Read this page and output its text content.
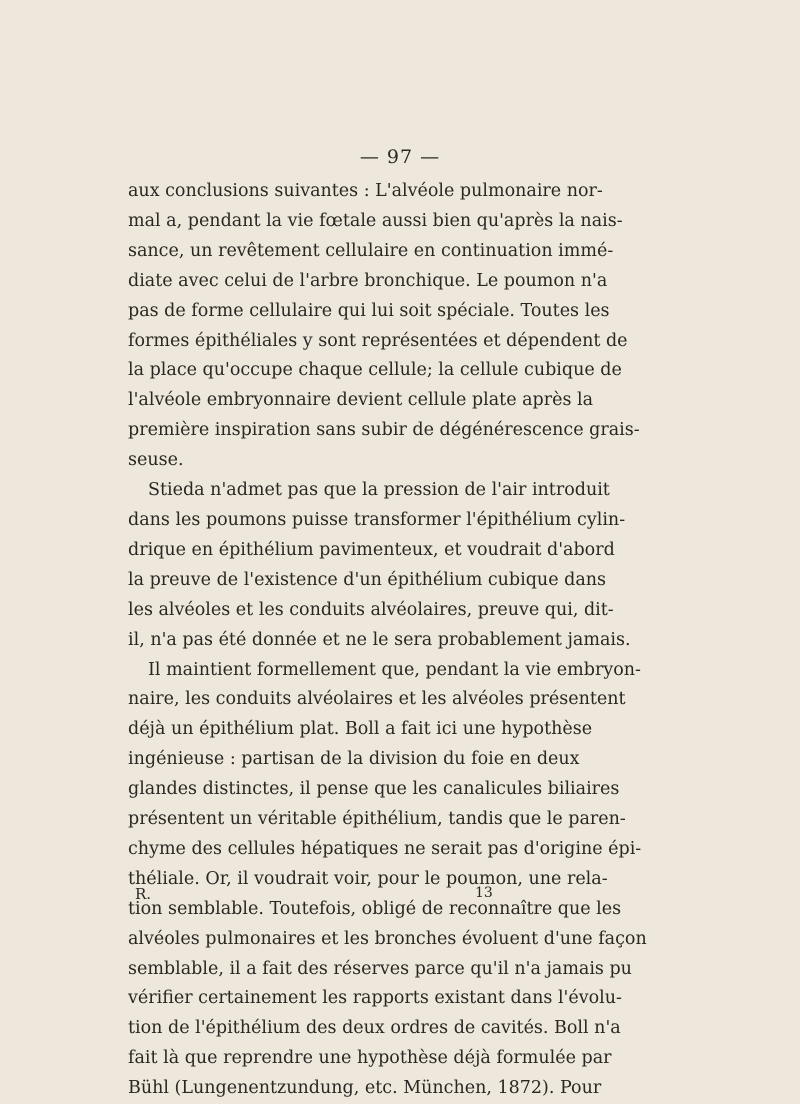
— 97 —
aux conclusions suivantes : L'alvéole pulmonaire nor-
mal a, pendant la vie fœtale aussi bien qu'après la nais-
sance, un revêtement cellulaire en continuation immé-
diate avec celui de l'arbre bronchique. Le poumon n'a
pas de forme cellulaire qui lui soit spéciale. Toutes les
formes épithéliales y sont représentées et dépendent de
la place qu'occupe chaque cellule; la cellule cubique de
l'alvéole embryonnaire devient cellule plate après la
première inspiration sans subir de dégénérescence grais-
seuse.
Stieda n'admet pas que la pression de l'air introduit
dans les poumons puisse transformer l'épithélium cylin-
drique en épithélium pavimenteux, et voudrait d'abord
la preuve de l'existence d'un épithélium cubique dans
les alvéoles et les conduits alvéolaires, preuve qui, dit-
il, n'a pas été donnée et ne le sera probablement jamais.
Il maintient formellement que, pendant la vie embryon-
naire, les conduits alvéolaires et les alvéoles présentent
déjà un épithélium plat. Boll a fait ici une hypothèse
ingénieuse : partisan de la division du foie en deux
glandes distinctes, il pense que les canalicules biliaires
présentent un véritable épithélium, tandis que le paren-
chyme des cellules hépatiques ne serait pas d'origine épi-
théliale. Or, il voudrait voir, pour le poumon, une rela-
tion semblable. Toutefois, obligé de reconnaître que les
alvéoles pulmonaires et les bronches évoluent d'une façon
semblable, il a fait des réserves parce qu'il n'a jamais pu
vérifier certainement les rapports existant dans l'évolu-
tion de l'épithélium des deux ordres de cavités. Boll n'a
fait là que reprendre une hypothèse déjà formulée par
Bühl (Lungenentzundung, etc. München, 1872). Pour
R.	13
